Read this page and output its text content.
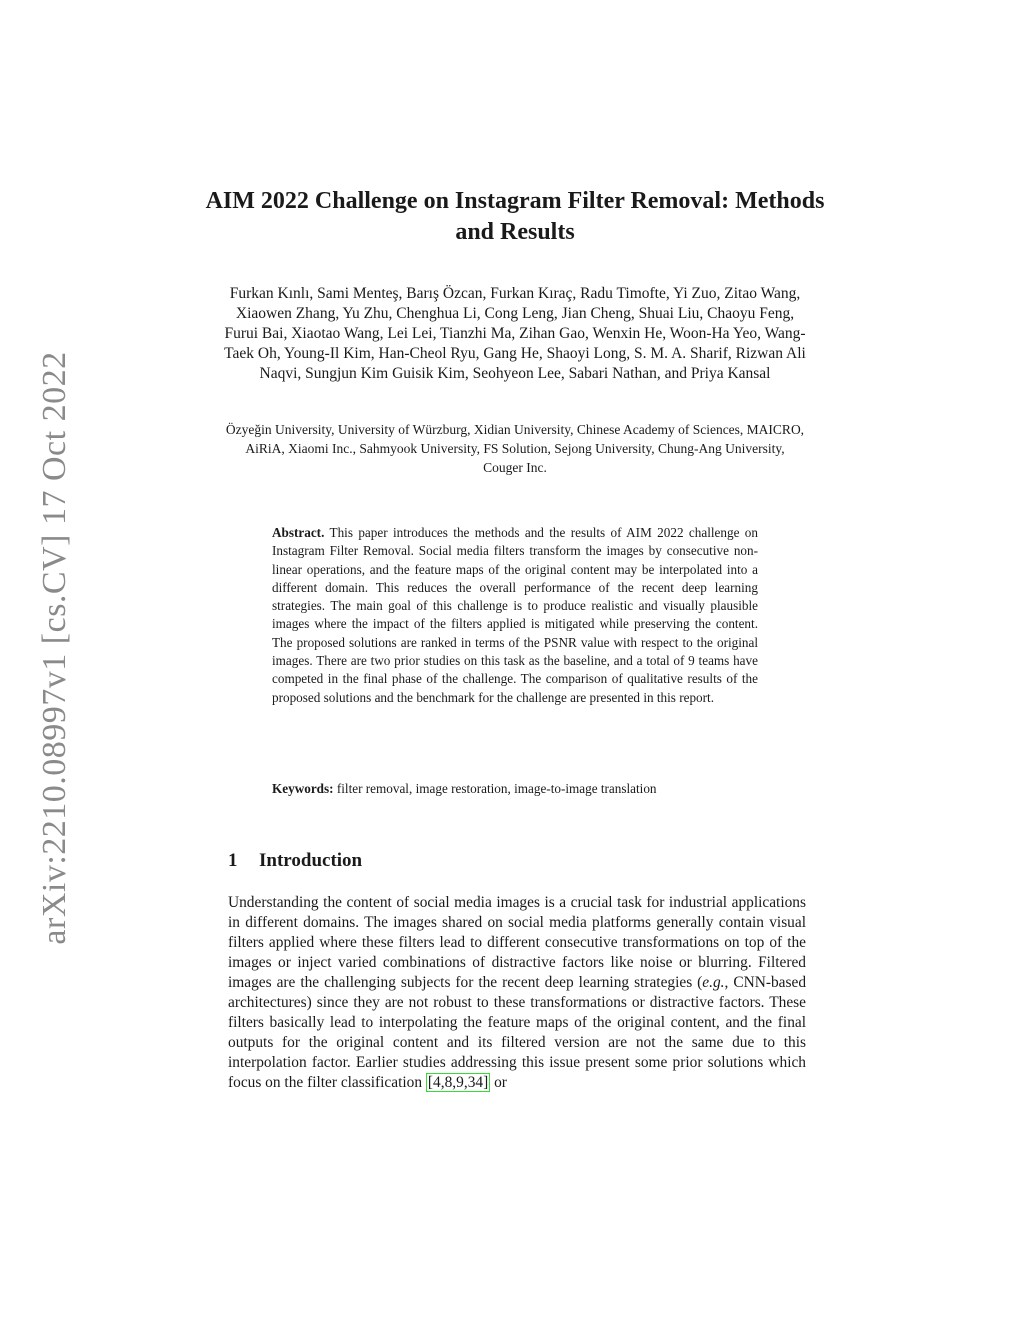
arXiv:2210.08997v1 [cs.CV] 17 Oct 2022
AIM 2022 Challenge on Instagram Filter Removal: Methods and Results
Furkan Kınlı, Sami Menteş, Barış Özcan, Furkan Kıraç, Radu Timofte, Yi Zuo, Zitao Wang, Xiaowen Zhang, Yu Zhu, Chenghua Li, Cong Leng, Jian Cheng, Shuai Liu, Chaoyu Feng, Furui Bai, Xiaotao Wang, Lei Lei, Tianzhi Ma, Zihan Gao, Wenxin He, Woon-Ha Yeo, Wang-Taek Oh, Young-Il Kim, Han-Cheol Ryu, Gang He, Shaoyi Long, S. M. A. Sharif, Rizwan Ali Naqvi, Sungjun Kim Guisik Kim, Seohyeon Lee, Sabari Nathan, and Priya Kansal
Özyeğin University, University of Würzburg, Xidian University, Chinese Academy of Sciences, MAICRO, AiRiA, Xiaomi Inc., Sahmyook University, FS Solution, Sejong University, Chung-Ang University, Couger Inc.
Abstract. This paper introduces the methods and the results of AIM 2022 challenge on Instagram Filter Removal. Social media filters transform the images by consecutive non-linear operations, and the feature maps of the original content may be interpolated into a different domain. This reduces the overall performance of the recent deep learning strategies. The main goal of this challenge is to produce realistic and visually plausible images where the impact of the filters applied is mitigated while preserving the content. The proposed solutions are ranked in terms of the PSNR value with respect to the original images. There are two prior studies on this task as the baseline, and a total of 9 teams have competed in the final phase of the challenge. The comparison of qualitative results of the proposed solutions and the benchmark for the challenge are presented in this report.
Keywords: filter removal, image restoration, image-to-image translation
1 Introduction
Understanding the content of social media images is a crucial task for industrial applications in different domains. The images shared on social media platforms generally contain visual filters applied where these filters lead to different consecutive transformations on top of the images or inject varied combinations of distractive factors like noise or blurring. Filtered images are the challenging subjects for the recent deep learning strategies (e.g., CNN-based architectures) since they are not robust to these transformations or distractive factors. These filters basically lead to interpolating the feature maps of the original content, and the final outputs for the original content and its filtered version are not the same due to this interpolation factor. Earlier studies addressing this issue present some prior solutions which focus on the filter classification [4,8,9,34] or
